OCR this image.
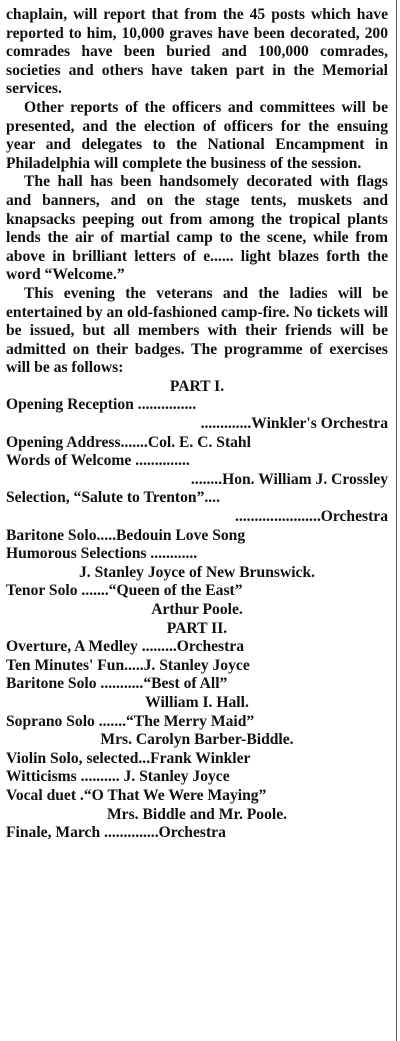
chaplain, will report that from the 45 posts which have reported to him, 10,000 graves have been decorated, 200 comrades have been buried and 100,000 comrades, societies and others have taken part in the Memorial services.

Other reports of the officers and committees will be presented, and the election of officers for the ensuing year and delegates to the National Encampment in Philadelphia will complete the business of the session.

The hall has been handsomely decorated with flags and banners, and on the stage tents, muskets and knapsacks peeping out from among the tropical plants lends the air of martial camp to the scene, while from above in brilliant letters of e...... light blazes forth the word “Welcome.”

This evening the veterans and the ladies will be entertained by an old-fashioned camp-fire. No tickets will be issued, but all members with their friends will be admitted on their badges. The programme of exercises will be as follows:

PART I.

Opening Reception ...............
.............Winkler's Orchestra
Opening Address.......Col. E. C. Stahl
Words of Welcome ..............
........Hon. William J. Crossley
Selection, “Salute to Trenton”....
......................Orchestra
Baritone Solo.....Bedouin Love Song
Humorous Selections ............
J. Stanley Joyce of New Brunswick.
Tenor Solo .......“Queen of the East”
Arthur Poole.

PART II.

Overture, A Medley .........Orchestra
Ten Minutes' Fun.....J. Stanley Joyce
Baritone Solo ...........“Best of All”
William I. Hall.
Soprano Solo .......“The Merry Maid”
Mrs. Carolyn Barber-Biddle.
Violin Solo, selected...Frank Winkler
Witticisms .......... J. Stanley Joyce
Vocal duet .“O That We Were Maying”
Mrs. Biddle and Mr. Poole.
Finale, March ..............Orchestra
